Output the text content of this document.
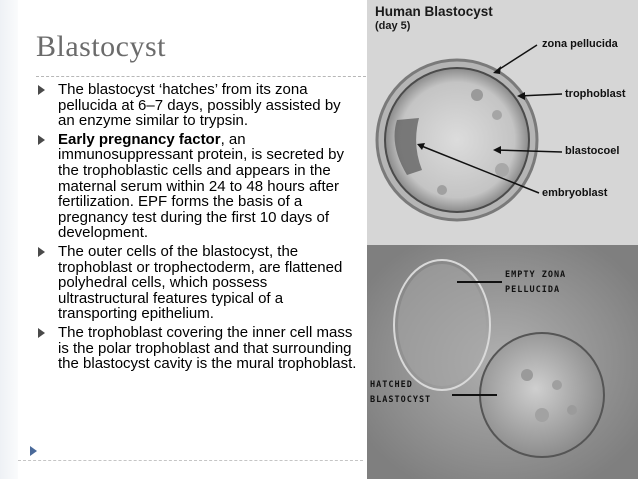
Blastocyst
The blastocyst ‘hatches’ from its zona pellucida at 6–7 days, possibly assisted by an enzyme similar to trypsin.
Early pregnancy factor, an immunosuppressant protein, is secreted by the trophoblastic cells and appears in the maternal serum within 24 to 48 hours after fertilization. EPF forms the basis of a pregnancy test during the first 10 days of development.
The outer cells of the blastocyst, the trophoblast or trophectoderm, are flattened polyhedral cells, which possess ultrastructural features typical of a transporting epithelium.
The trophoblast covering the inner cell mass is the polar trophoblast and that surrounding the blastocyst cavity is the mural trophoblast.
Human Blastocyst
(day 5)
zona pellucida
trophoblast
blastocoel
embryoblast
EMPTY ZONA
PELLUCIDA
HATCHED
BLASTOCYST
